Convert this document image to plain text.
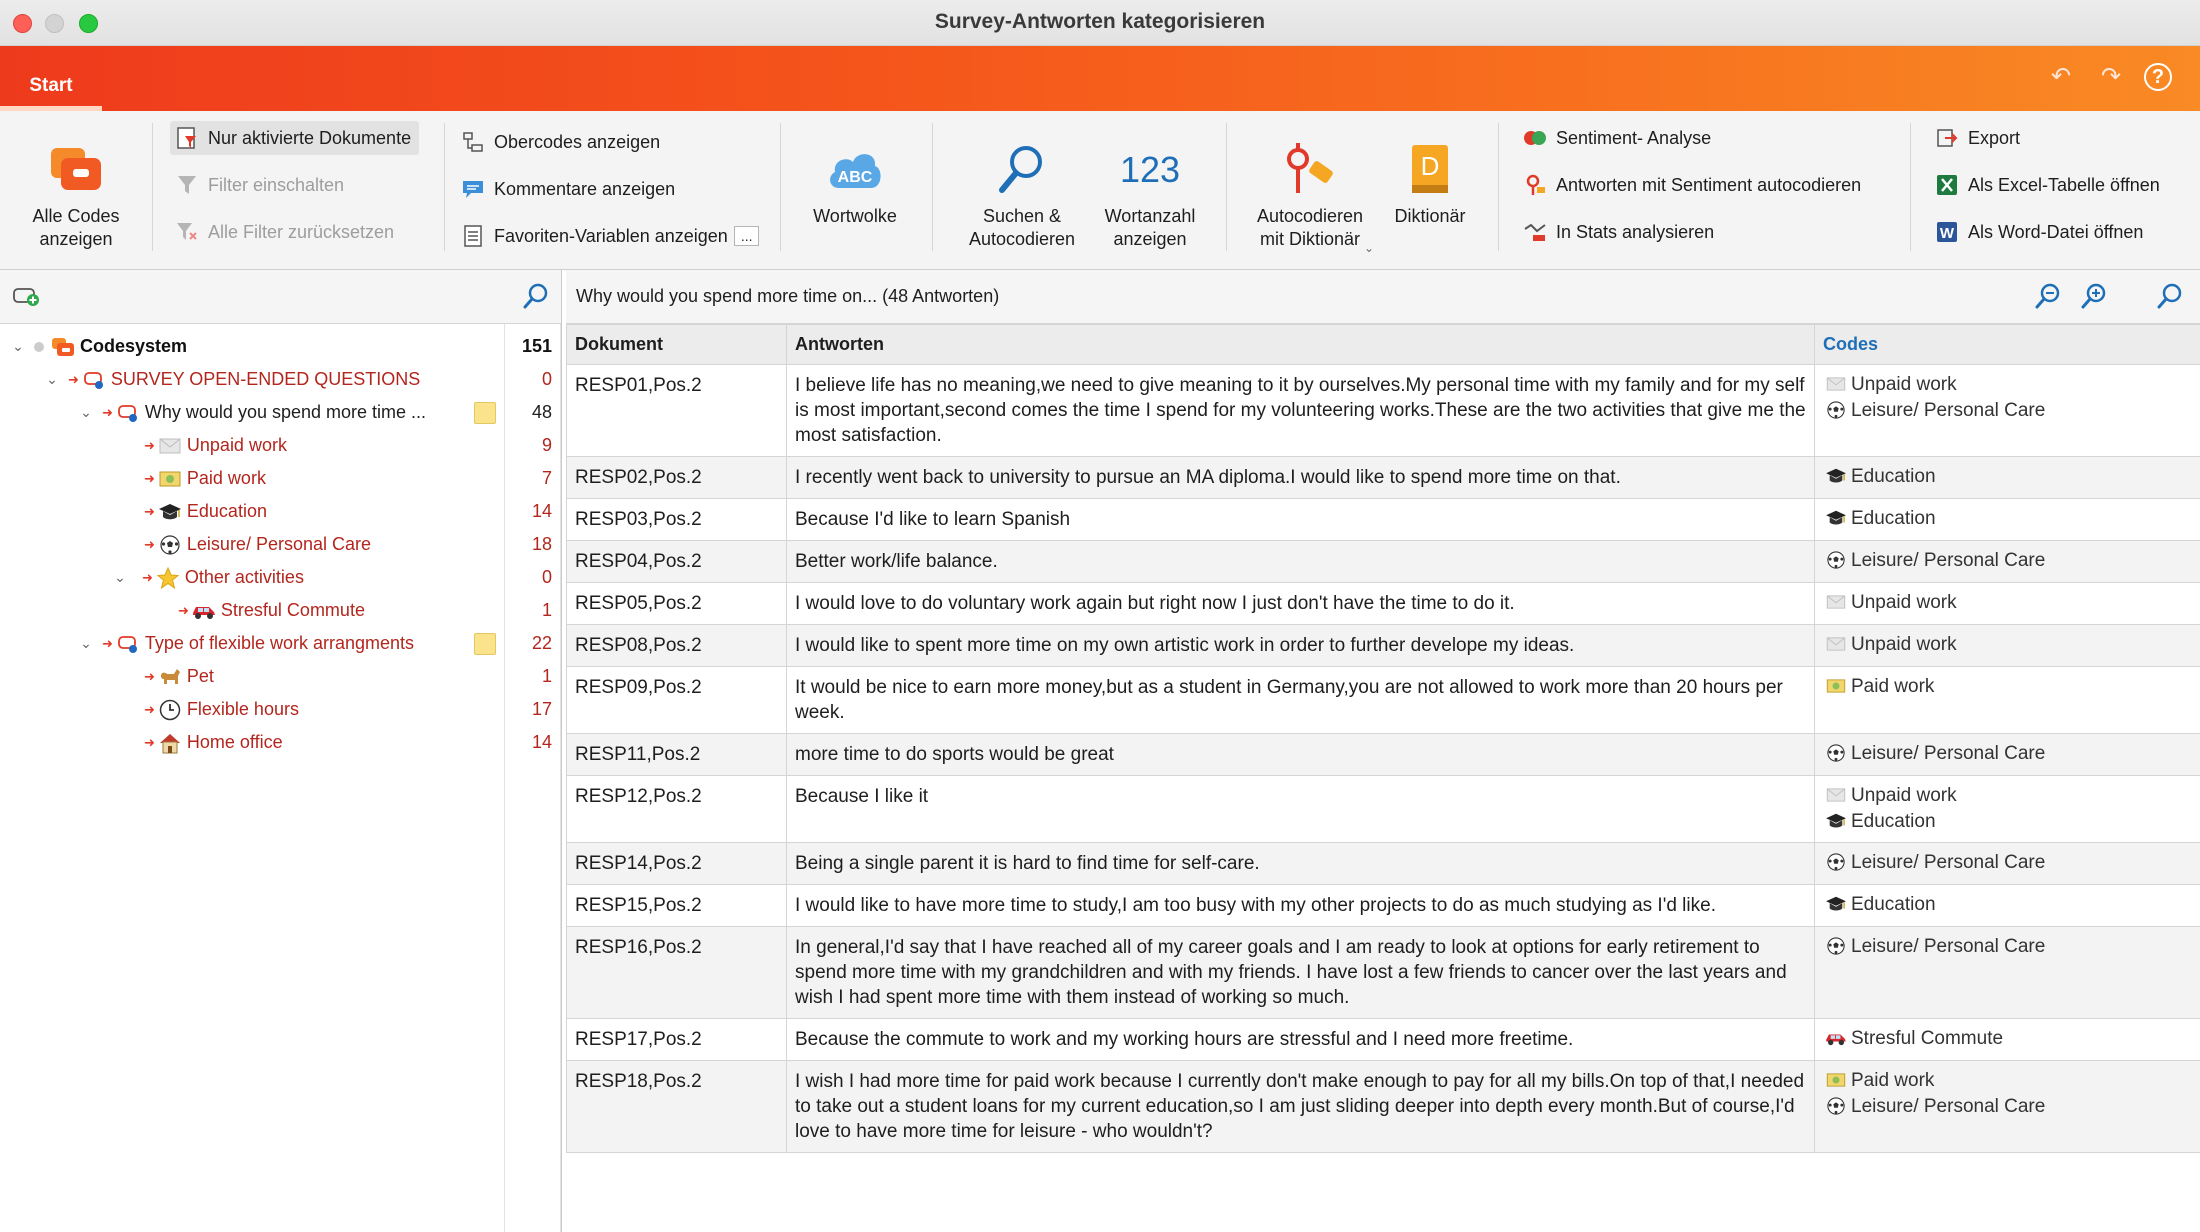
Survey-Antworten kategorisieren
Start	↶ ↷	?
Alle Codes anzeigen
Nur aktivierte Dokumente
Filter einschalten
Alle Filter zurücksetzen
Obercodes anzeigen
Kommentare anzeigen
Favoriten-Variablen anzeigen ...
ABC
Wortwolke	Suchen & Autocodieren
123
Wortanzahl anzeigen
Autocodieren mit Diktionär ⌄
D
Diktionär
Sentiment- Analyse
Antworten mit Sentiment autocodieren
In Stats analysieren
Export
Als Excel-Tabelle öffnen
W Als Word-Datei öffnen
⌄	Codesystem	151
⌄ ➜ SURVEY OPEN-ENDED QUESTIONS	0
⌄ ➜ Why would you spend more time ...	48
➜ Unpaid work	9
➜ Paid work	7
➜ Education	14
➜ Leisure/ Personal Care	18
⌄	➜ Other activities	0
➜ Stresful Commute	1
⌄ ➜ Type of flexible work arrangments	22
➜ Pet	1
➜ Flexible hours	17
➜ Home office	14
Why would you spend more time on... (48 Antworten)
Dokument	Antworten	Codes
RESP01,Pos.2	I believe life has no meaning,we need to give meaning to it by ourselves.My personal time with my family and for my self is most important,second comes the time I spend for my volunteering works.These are the two activities that give me the most satisfaction.	Unpaid work
Leisure/ Personal Care

RESP02,Pos.2	I recently went back to university to pursue an MA diploma.I would like to spend more time on that.	Education

RESP03,Pos.2	Because I'd like to learn Spanish	Education

RESP04,Pos.2	Better work/life balance.	Leisure/ Personal Care

RESP05,Pos.2	I would love to do voluntary work again but right now I just don't have the time to do it.	Unpaid work

RESP08,Pos.2	I would like to spent more time on my own artistic work in order to further develope my ideas.	Unpaid work

RESP09,Pos.2	It would be nice to earn more money,but as a student in Germany,you are not allowed to work more than 20 hours per week.	Paid work

RESP11,Pos.2	more time to do sports would be great	Leisure/ Personal Care

RESP12,Pos.2	Because I like it	Unpaid work
Education

RESP14,Pos.2	Being a single parent it is hard to find time for self-care.	Leisure/ Personal Care

RESP15,Pos.2	I would like to have more time to study,I am too busy with my other projects to do as much studying as I'd like.	Education

RESP16,Pos.2	In general,I'd say that I have reached all of my career goals and I am ready to look at options for early retirement to spend more time with my grandchildren and with my friends. I have lost a few friends to cancer over the last years and wish I had spent more time with them instead of working so much.	Leisure/ Personal Care

RESP17,Pos.2	Because the commute to work and my working hours are stressful and I need more freetime.	Stresful Commute

RESP18,Pos.2	I wish I had more time for paid work because I currently don't make enough to pay for all my bills.On top of that,I needed to take out a student loans for my current education,so I am just sliding deeper into depth every month.But of course,I'd love to have more time for leisure - who wouldn't?	Paid work
Leisure/ Personal Care
